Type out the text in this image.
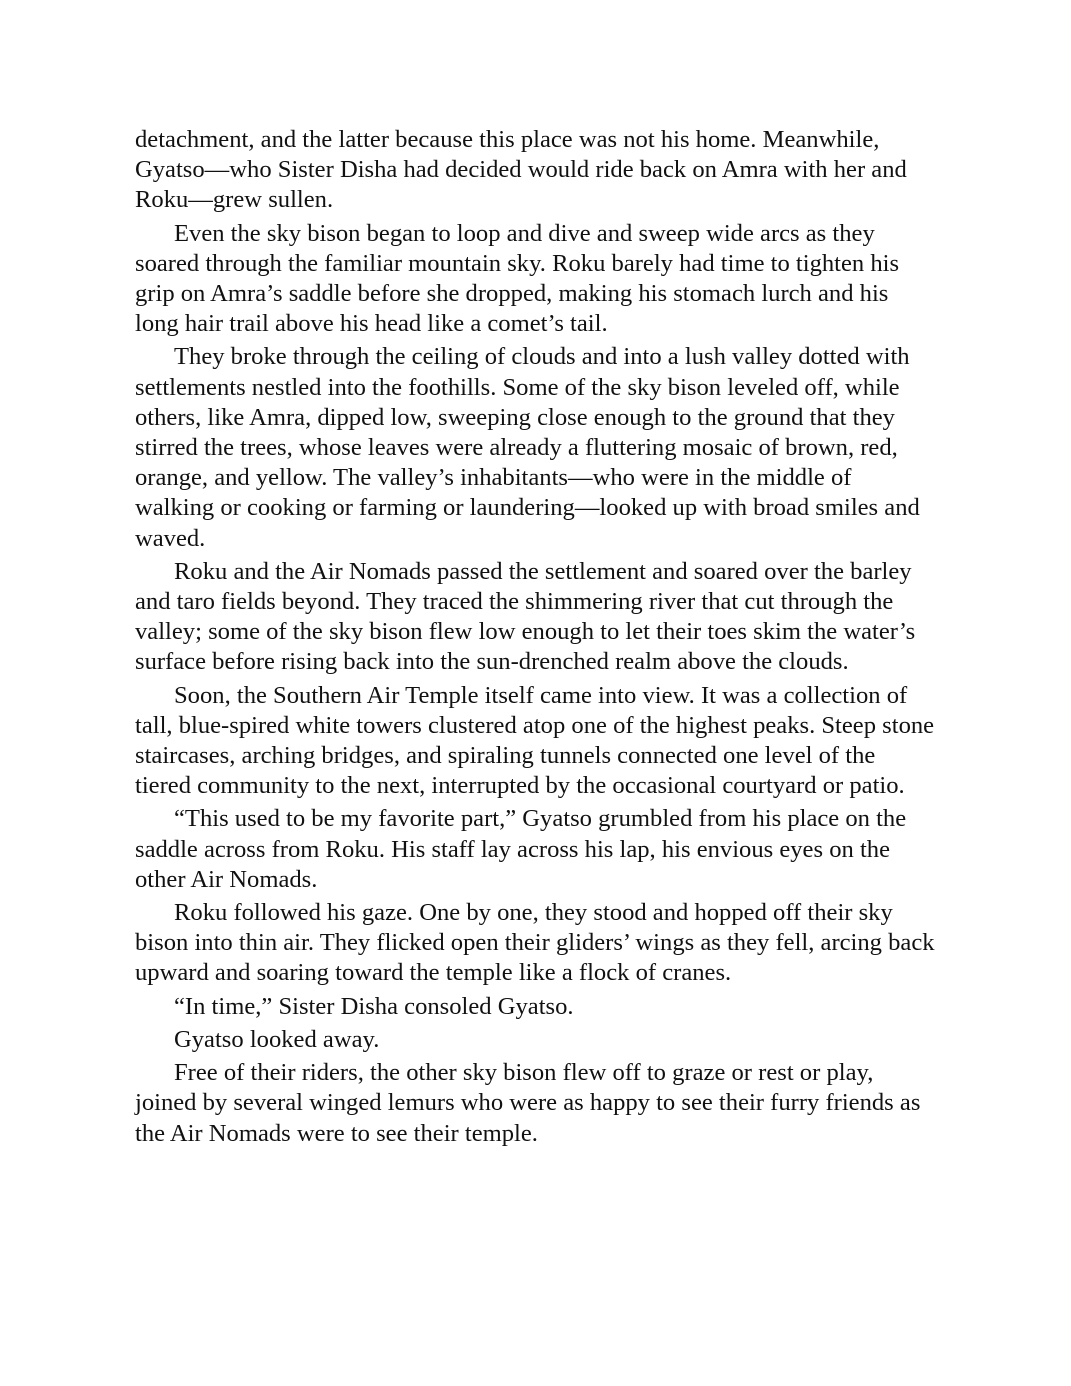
detachment, and the latter because this place was not his home. Meanwhile, Gyatso—who Sister Disha had decided would ride back on Amra with her and Roku—grew sullen.

Even the sky bison began to loop and dive and sweep wide arcs as they soared through the familiar mountain sky. Roku barely had time to tighten his grip on Amra’s saddle before she dropped, making his stomach lurch and his long hair trail above his head like a comet’s tail.

They broke through the ceiling of clouds and into a lush valley dotted with settlements nestled into the foothills. Some of the sky bison leveled off, while others, like Amra, dipped low, sweeping close enough to the ground that they stirred the trees, whose leaves were already a fluttering mosaic of brown, red, orange, and yellow. The valley’s inhabitants—who were in the middle of walking or cooking or farming or laundering—looked up with broad smiles and waved.

Roku and the Air Nomads passed the settlement and soared over the barley and taro fields beyond. They traced the shimmering river that cut through the valley; some of the sky bison flew low enough to let their toes skim the water’s surface before rising back into the sun-drenched realm above the clouds.

Soon, the Southern Air Temple itself came into view. It was a collection of tall, blue-spired white towers clustered atop one of the highest peaks. Steep stone staircases, arching bridges, and spiraling tunnels connected one level of the tiered community to the next, interrupted by the occasional courtyard or patio.

“This used to be my favorite part,” Gyatso grumbled from his place on the saddle across from Roku. His staff lay across his lap, his envious eyes on the other Air Nomads.

Roku followed his gaze. One by one, they stood and hopped off their sky bison into thin air. They flicked open their gliders’ wings as they fell, arcing back upward and soaring toward the temple like a flock of cranes.

“In time,” Sister Disha consoled Gyatso.

Gyatso looked away.

Free of their riders, the other sky bison flew off to graze or rest or play, joined by several winged lemurs who were as happy to see their furry friends as the Air Nomads were to see their temple.
